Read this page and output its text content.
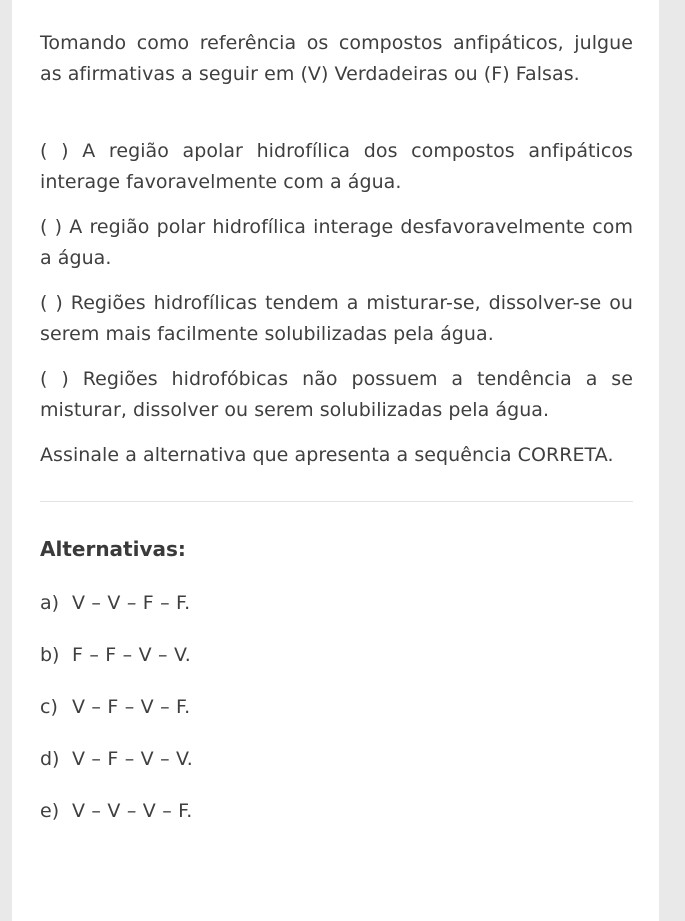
Tomando como referência os compostos anfipáticos, julgue as afirmativas a seguir em (V) Verdadeiras ou (F) Falsas.

( ) A região apolar hidrofílica dos compostos anfipáticos interage favoravelmente com a água.

( ) A região polar hidrofílica interage desfavoravelmente com a água.

( ) Regiões hidrofílicas tendem a misturar-se, dissolver-se ou serem mais facilmente solubilizadas pela água.

( ) Regiões hidrofóbicas não possuem a tendência a se misturar, dissolver ou serem solubilizadas pela água.

Assinale a alternativa que apresenta a sequência CORRETA.

Alternativas:
a) V – V – F – F.
b) F – F – V – V.
c) V – F – V – F.
d) V – F – V – V.
e) V – V – V – F.
